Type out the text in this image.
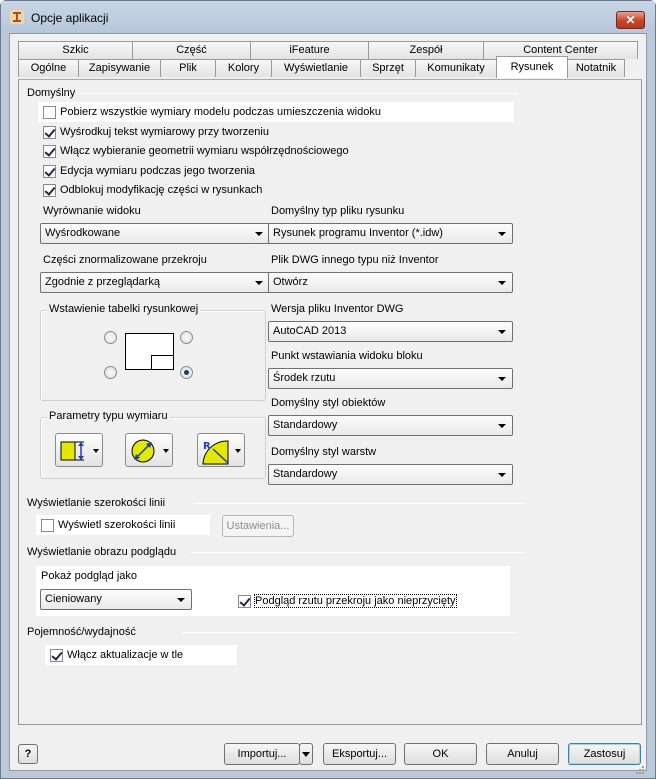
Opcje aplikacji	✕
Szkic	Część	iFeature	Zespół	Content Center
Ogólne	Zapisywanie	Plik	Kolory	Wyświetlanie	Sprzęt	Komunikaty	Rysunek	Notatnik
Domyślny
Pobierz wszystkie wymiary modelu podczas umieszczenia widoku
Wyśrodkuj tekst wymiarowy przy tworzeniu
Włącz wybieranie geometrii wymiaru współrzędnościowego
Edycja wymiaru podczas jego tworzenia
Odblokuj modyfikację części w rysunkach
Wyrównanie widoku
Wyśrodkowane
Części znormalizowane przekroju
Zgodnie z przeglądarką
Wstawienie tabelki rysunkowej
Parametry typu wymiaru
R
Domyślny typ pliku rysunku
Rysunek programu Inventor (*.idw)
Plik DWG innego typu niż Inventor
Otwórz
Wersja pliku Inventor DWG
AutoCAD 2013
Punkt wstawiania widoku bloku
Środek rzutu
Domyślny styl obiektów
Standardowy
Domyślny styl warstw
Standardowy
Wyświetlanie szerokości linii
Wyświetl szerokości linii	Ustawienia...
Wyświetlanie obrazu podglądu
Pokaż podgląd jako
Cieniowany	Podgląd rzutu przekroju jako nieprzycięty
Pojemność/wydajność
Włącz aktualizacje w tle
?	Importuj...	Eksportuj...	OK	Anuluj	Zastosuj
